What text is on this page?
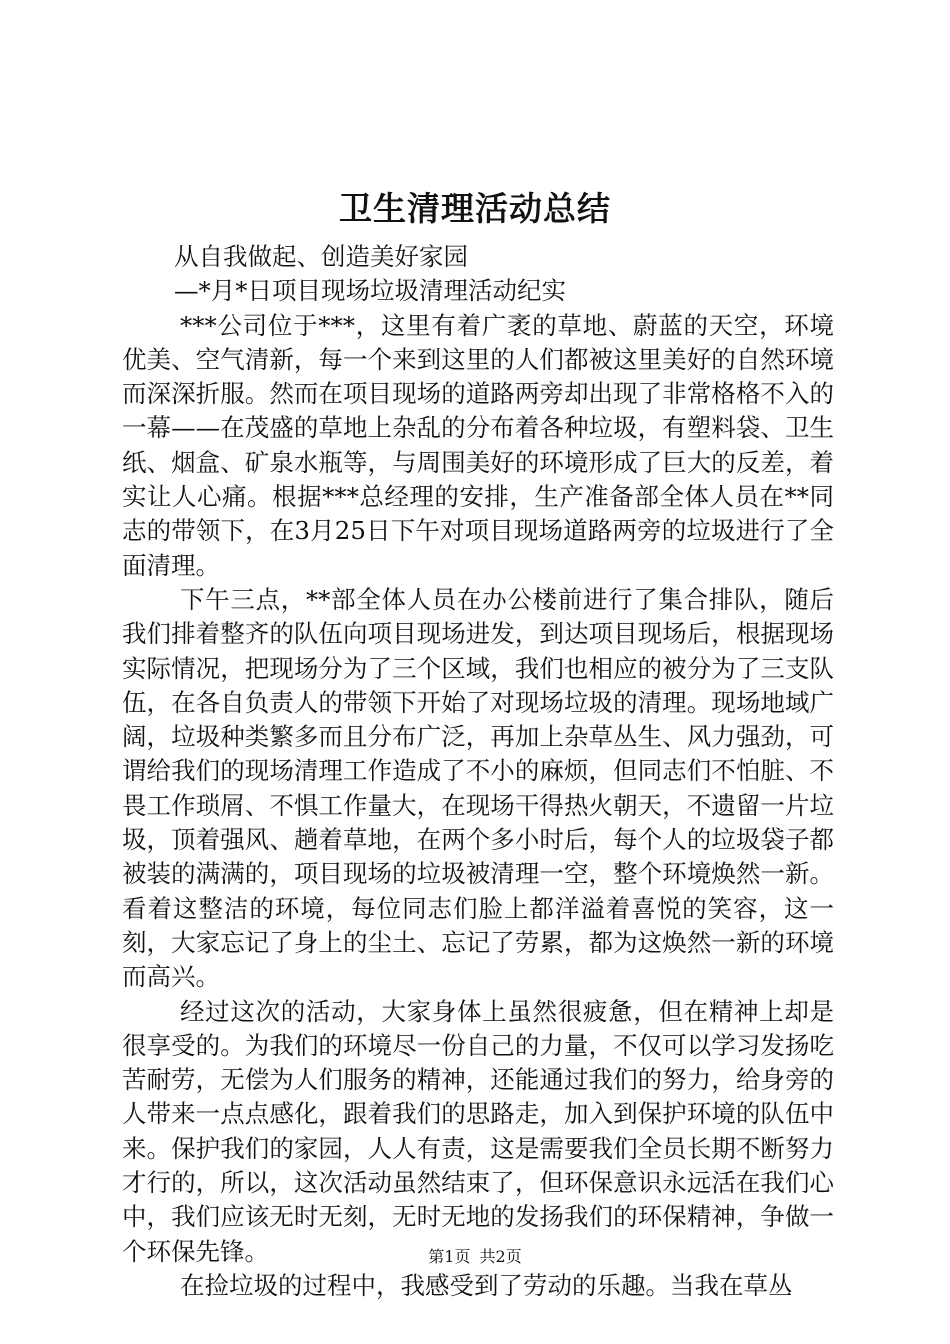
卫生清理活动总结

从自我做起、创造美好家园

—*月*日项目现场垃圾清理活动纪实

***公司位于***，这里有着广袤的草地、蔚蓝的天空，环境优美、空气清新，每一个来到这里的人们都被这里美好的自然环境而深深折服。然而在项目现场的道路两旁却出现了非常格格不入的一幕——在茂盛的草地上杂乱的分布着各种垃圾，有塑料袋、卫生纸、烟盒、矿泉水瓶等，与周围美好的环境形成了巨大的反差，着实让人心痛。根据***总经理的安排，生产准备部全体人员在**同志的带领下，在3月25日下午对项目现场道路两旁的垃圾进行了全面清理。

下午三点，**部全体人员在办公楼前进行了集合排队，随后我们排着整齐的队伍向项目现场进发，到达项目现场后，根据现场实际情况，把现场分为了三个区域，我们也相应的被分为了三支队伍，在各自负责人的带领下开始了对现场垃圾的清理。现场地域广阔，垃圾种类繁多而且分布广泛，再加上杂草丛生、风力强劲，可谓给我们的现场清理工作造成了不小的麻烦，但同志们不怕脏、不畏工作琐屑、不惧工作量大，在现场干得热火朝天，不遗留一片垃圾，顶着强风、趟着草地，在两个多小时后，每个人的垃圾袋子都被装的满满的，项目现场的垃圾被清理一空，整个环境焕然一新。看着这整洁的环境，每位同志们脸上都洋溢着喜悦的笑容，这一刻，大家忘记了身上的尘土、忘记了劳累，都为这焕然一新的环境而高兴。

经过这次的活动，大家身体上虽然很疲惫，但在精神上却是很享受的。为我们的环境尽一份自己的力量，不仅可以学习发扬吃苦耐劳，无偿为人们服务的精神，还能通过我们的努力，给身旁的人带来一点点感化，跟着我们的思路走，加入到保护环境的队伍中来。保护我们的家园，人人有责，这是需要我们全员长期不断努力才行的，所以，这次活动虽然结束了，但环保意识永远活在我们心中，我们应该无时无刻，无时无地的发扬我们的环保精神，争做一个环保先锋。

在捡垃圾的过程中，我感受到了劳动的乐趣。当我在草丛

第1页 共2页
